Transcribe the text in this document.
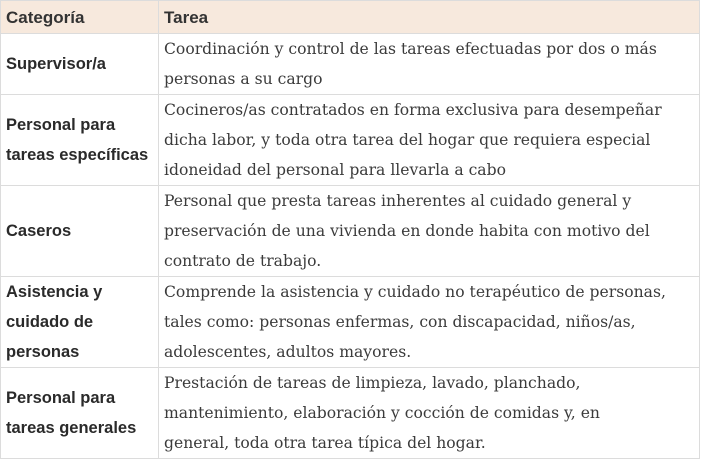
Categoría	Tarea
Supervisor/a	Coordinación y control de las tareas efectuadas por dos o más
personas a su cargo

Personal para tareas específicas	Cocineros/as contratados en forma exclusiva para desempeñar
dicha labor, y toda otra tarea del hogar que requiera especial
idoneidad del personal para llevarla a cabo

Caseros	Personal que presta tareas inherentes al cuidado general y
preservación de una vivienda en donde habita con motivo del
contrato de trabajo.

Asistencia y cuidado de personas	Comprende la asistencia y cuidado no terapéutico de personas,
tales como: personas enfermas, con discapacidad, niños/as,
adolescentes, adultos mayores.

Personal para tareas generales	Prestación de tareas de limpieza, lavado, planchado,
mantenimiento, elaboración y cocción de comidas y, en
general, toda otra tarea típica del hogar.
